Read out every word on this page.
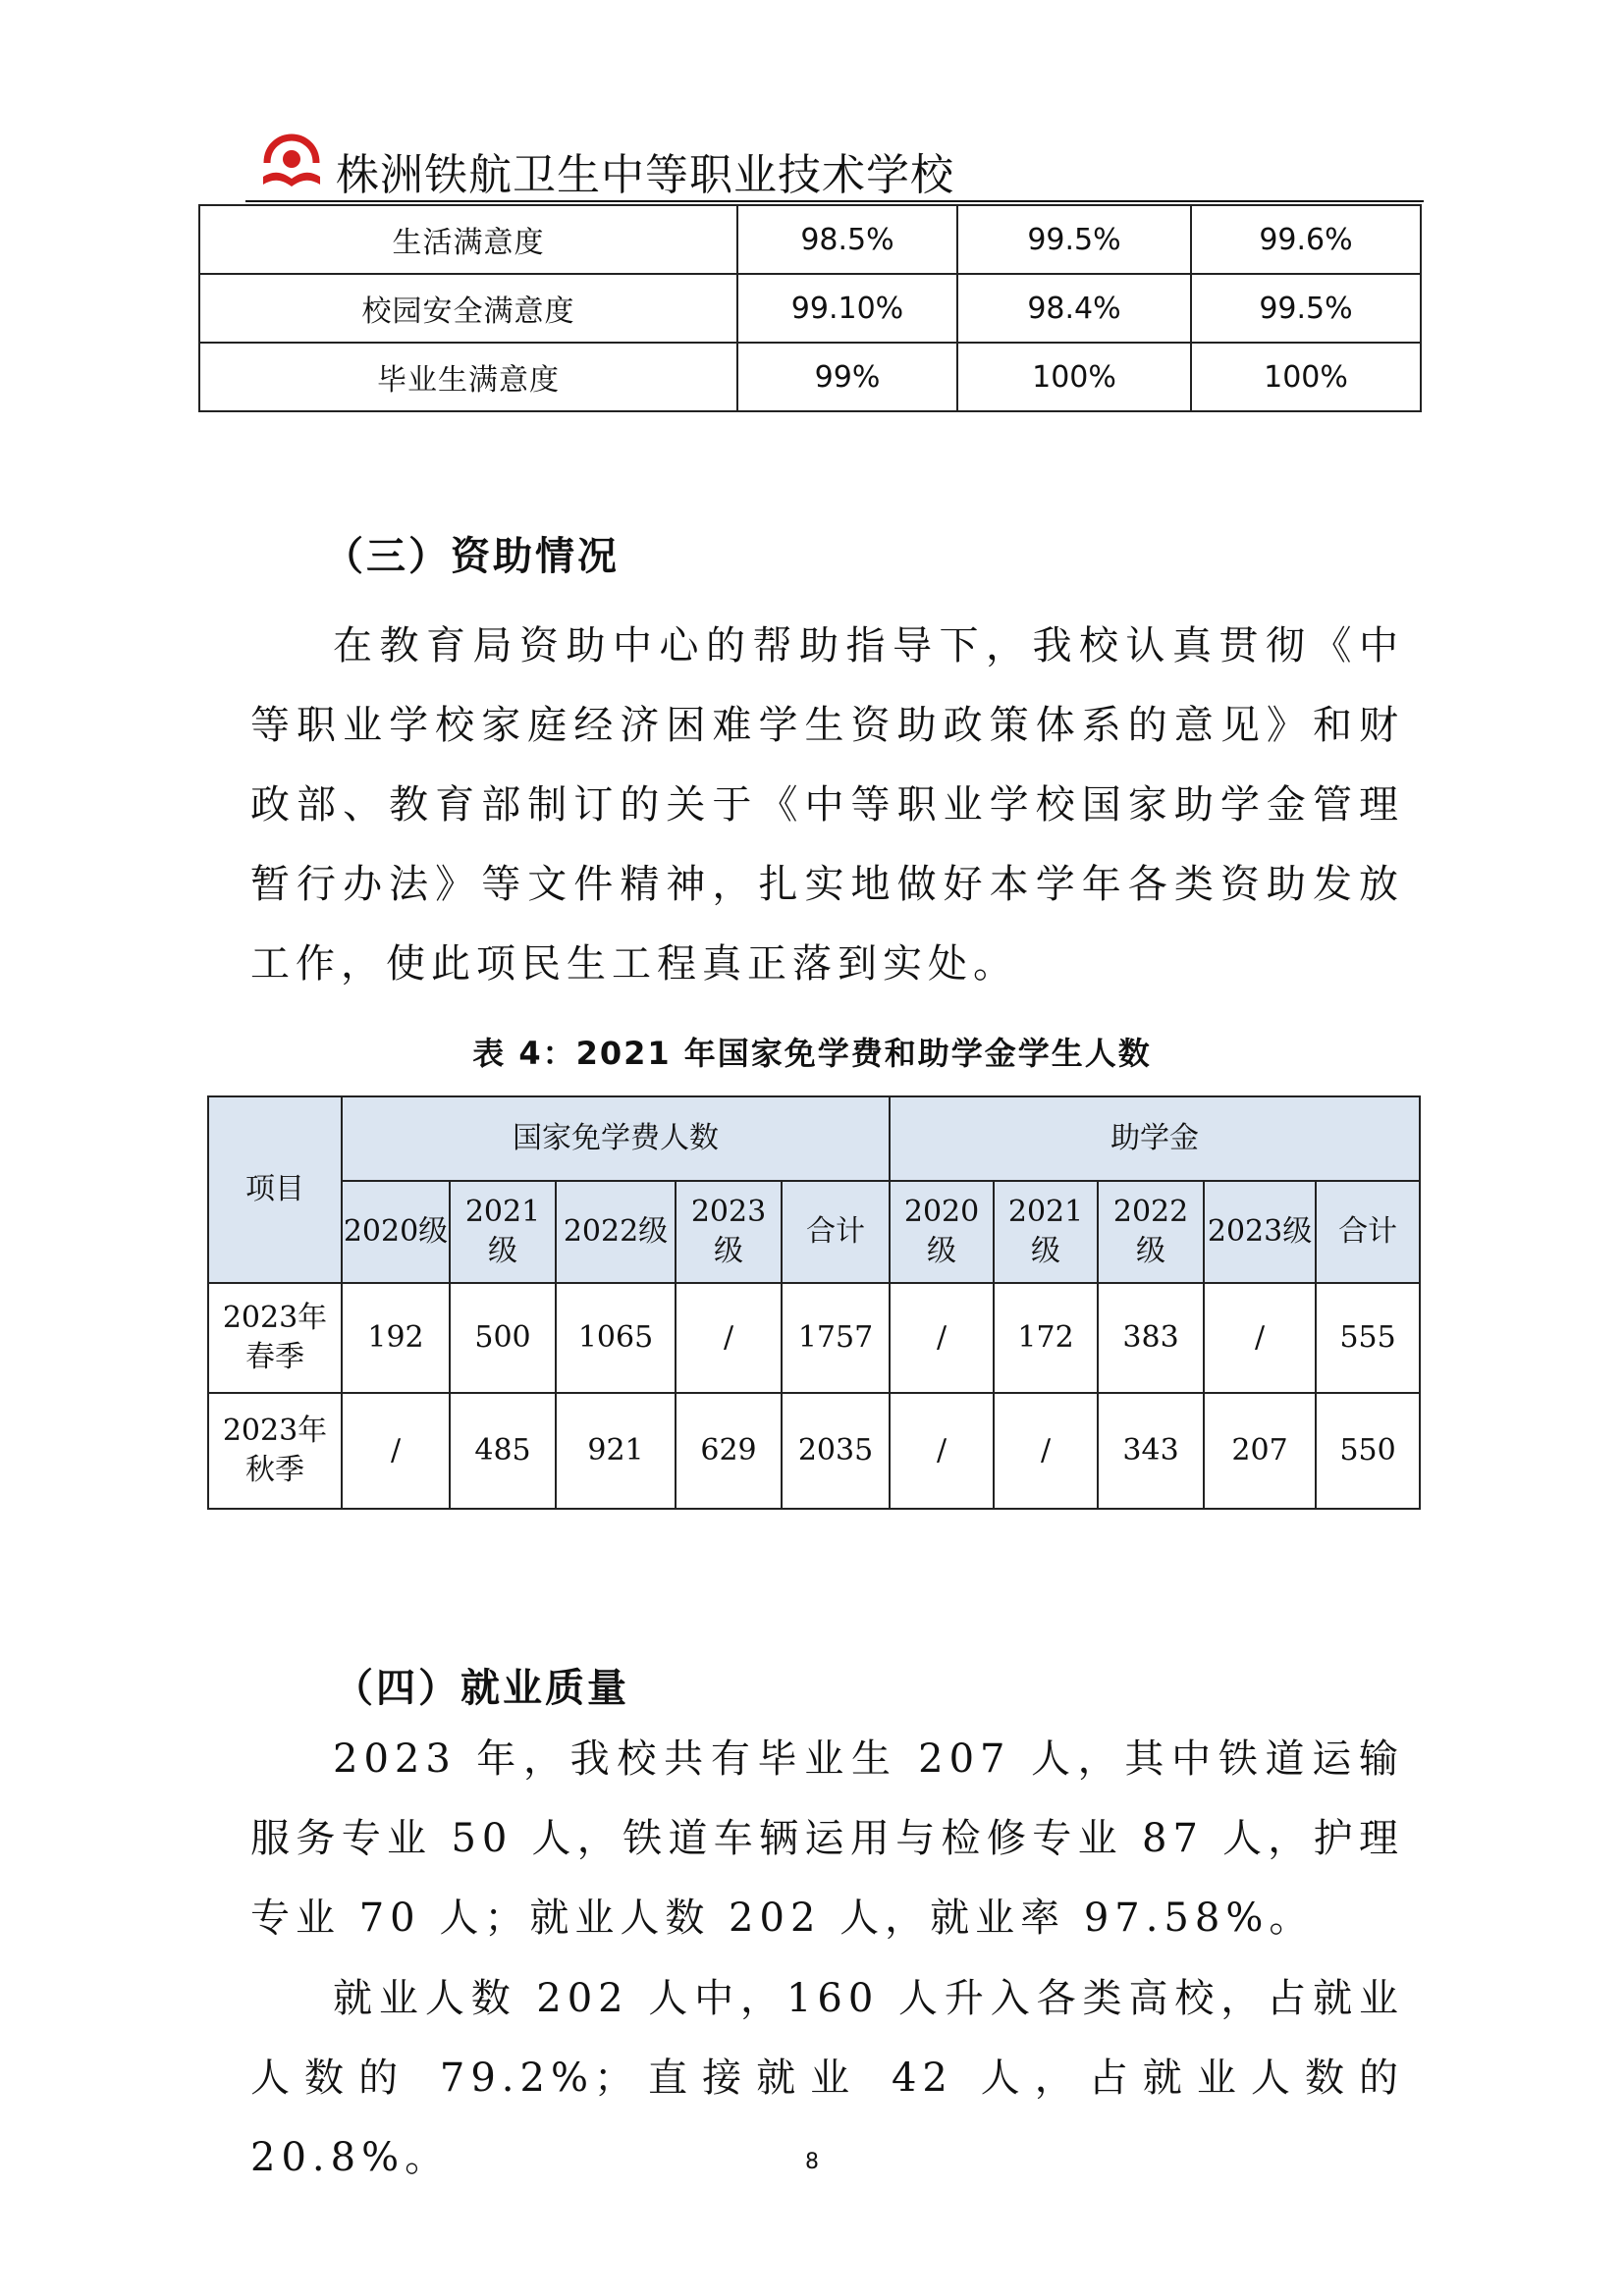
株洲铁航卫生中等职业技术学校
生活满意度	98.5%	99.5%	99.6%
校园安全满意度	99.10%	98.4%	99.5%
毕业生满意度	99%	100%	100%
（三）资助情况

在教育局资助中心的帮助指导下，我校认真贯彻《中等职业学校家庭经济困难学生资助政策体系的意见》和财政部、教育部制订的关于《中等职业学校国家助学金管理暂行办法》等文件精神，扎实地做好本学年各类资助发放工作，使此项民生工程真正落到实处。

表 4：2021 年国家免学费和助学金学生人数
项目	国家免学费人数					助学金				
	2020级	2021级	2022级	2023级	合计	2020级	2021级	2022级	2023级	合计
2023年春季	192	500	1065	/	1757	/	172	383	/	555
2023年秋季	/	485	921	629	2035	/	/	343	207	550
（四）就业质量

2023 年，我校共有毕业生 207 人，其中铁道运输服务专业 50 人，铁道车辆运用与检修专业 87 人，护理专业 70 人；就业人数 202 人，就业率 97.58%。

就业人数 202 人中，160 人升入各类高校，占就业人数的 79.2%；直接就业 42 人，占就业人数的 20.8%。	8
